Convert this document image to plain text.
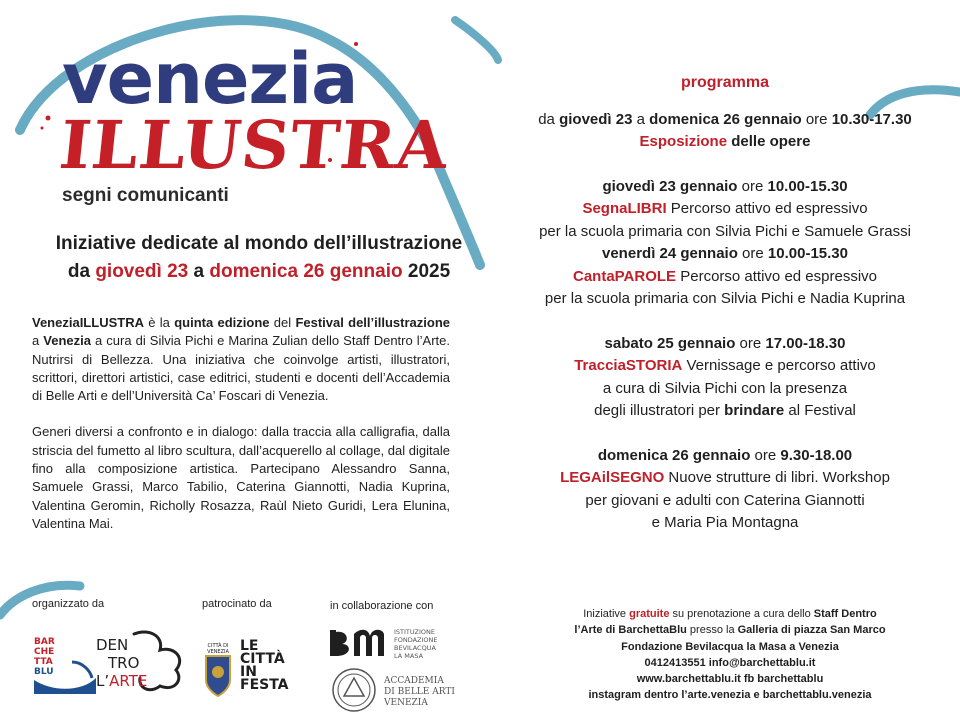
venezia
ILLUSTRA
segni comunicanti
Iniziative dedicate al mondo dell’illustrazione
da giovedì 23 a domenica 26 gennaio 2025

VeneziaILLUSTRA è la quinta edizione del Festival dell’illustrazione a Venezia a cura di Silvia Pichi e Marina Zulian dello Staff Dentro l’Arte. Nutrirsi di Bellezza. Una iniziativa che coinvolge artisti, illustratori, scrittori, direttori artistici, case editrici, studenti e docenti dell’Accademia di Belle Arti e dell’Università Ca’ Foscari di Venezia.

Generi diversi a confronto e in dialogo: dalla traccia alla calligrafia, dalla striscia del fumetto al libro scultura, dall’acquerello al collage, dal digitale fino alla composizione artistica. Partecipano Alessandro Sanna, Samuele Grassi, Marco Tabilio, Caterina Giannotti, Nadia Kuprina, Valentina Geromin, Richolly Rosazza, Raùl Nieto Guridi, Lera Elunina, Valentina Mai.

programma
da giovedì 23 a domenica 26 gennaio ore 10.30-17.30
Esposizione delle opere
giovedì 23 gennaio ore 10.00-15.30
SegnaLIBRI Percorso attivo ed espressivo
per la scuola primaria con Silvia Pichi e Samuele Grassi
venerdì 24 gennaio ore 10.00-15.30
CantaPAROLE Percorso attivo ed espressivo
per la scuola primaria con Silvia Pichi e Nadia Kuprina
sabato 25 gennaio ore 17.00-18.30
TracciaSTORIA Vernissage e percorso attivo
a cura di Silvia Pichi con la presenza
degli illustratori per brindare al Festival
domenica 26 gennaio ore 9.30-18.00
LEGAilSEGNO Nuove strutture di libri. Workshop
per giovani e adulti con Caterina Giannotti
e Maria Pia Montagna
Iniziative gratuite su prenotazione a cura dello Staff Dentro
l’Arte di BarchettaBlu presso la Galleria di piazza San Marco
Fondazione Bevilacqua la Masa a Venezia
0412413551 info@barchettablu.it
www.barchettablu.it fb barchettablu
instagram dentro l’arte.venezia e barchettablu.venezia
organizzato da	patrocinato da	in collaborazione con
BAR
CHE
TTA
BLU
DEN
TRO
L’ARTE
CITTÀ DI
VENEZIA LE
CITTÀ
IN
FESTA
ISTITUZIONE
FONDAZIONE
BEVILACQUA
LA MASA
ACCADEMIA
DI BELLE ARTI
VENEZIA
